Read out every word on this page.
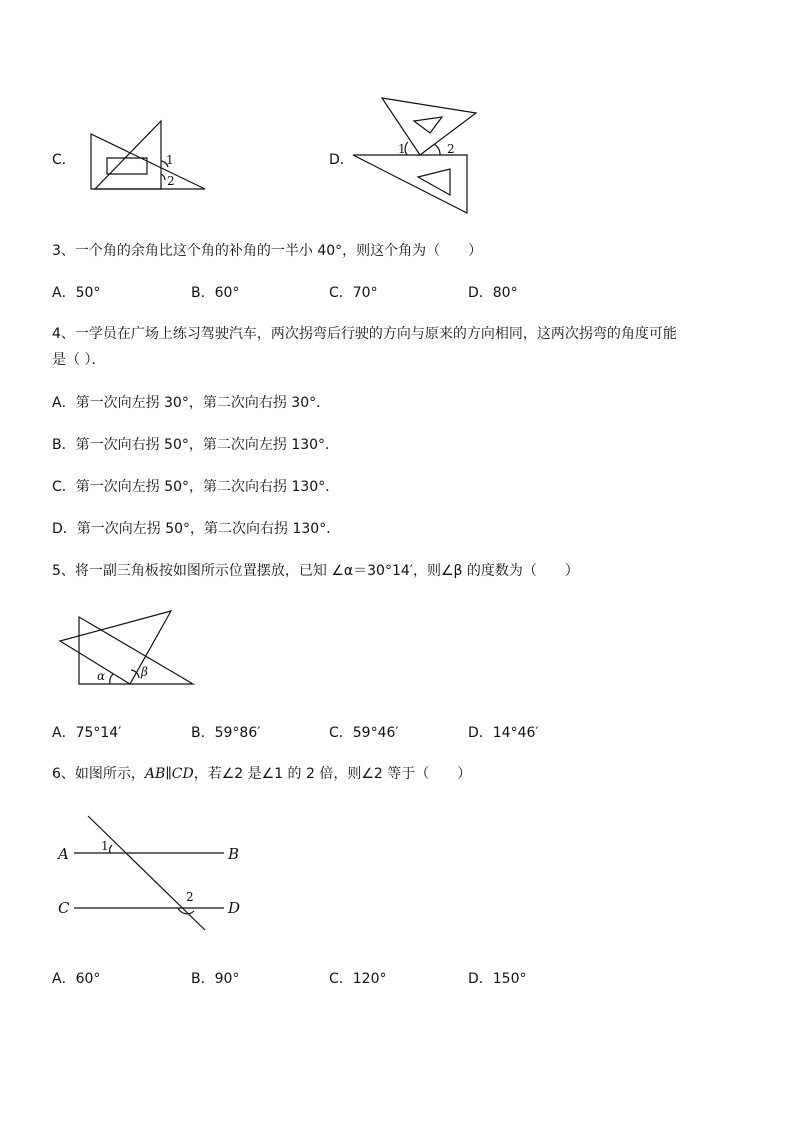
C．	1
2
D．
1	2
3、一个角的余角比这个角的补角的一半小 40°，则这个角为（　　）
A．50°	B．60°	C．70°	D．80°
4、一学员在广场上练习驾驶汽车，两次拐弯后行驶的方向与原来的方向相同，这两次拐弯的角度可能
是（ ）．
A．第一次向左拐 30°，第二次向右拐 30°．
B．第一次向右拐 50°，第二次向左拐 130°．
C．第一次向左拐 50°，第二次向右拐 130°．
D．第一次向左拐 50°，第二次向右拐 130°．
5、将一副三角板按如图所示位置摆放，已知 ∠α＝30°14′，则∠β 的度数为（　　）
α	β
A．75°14′	B．59°86′	C．59°46′	D．14°46′
6、如图所示，AB∥CD，若∠2 是∠1 的 2 倍，则∠2 等于（　　）
A	B
C	D
1
2
A．60°	B．90°	C．120°	D．150°
